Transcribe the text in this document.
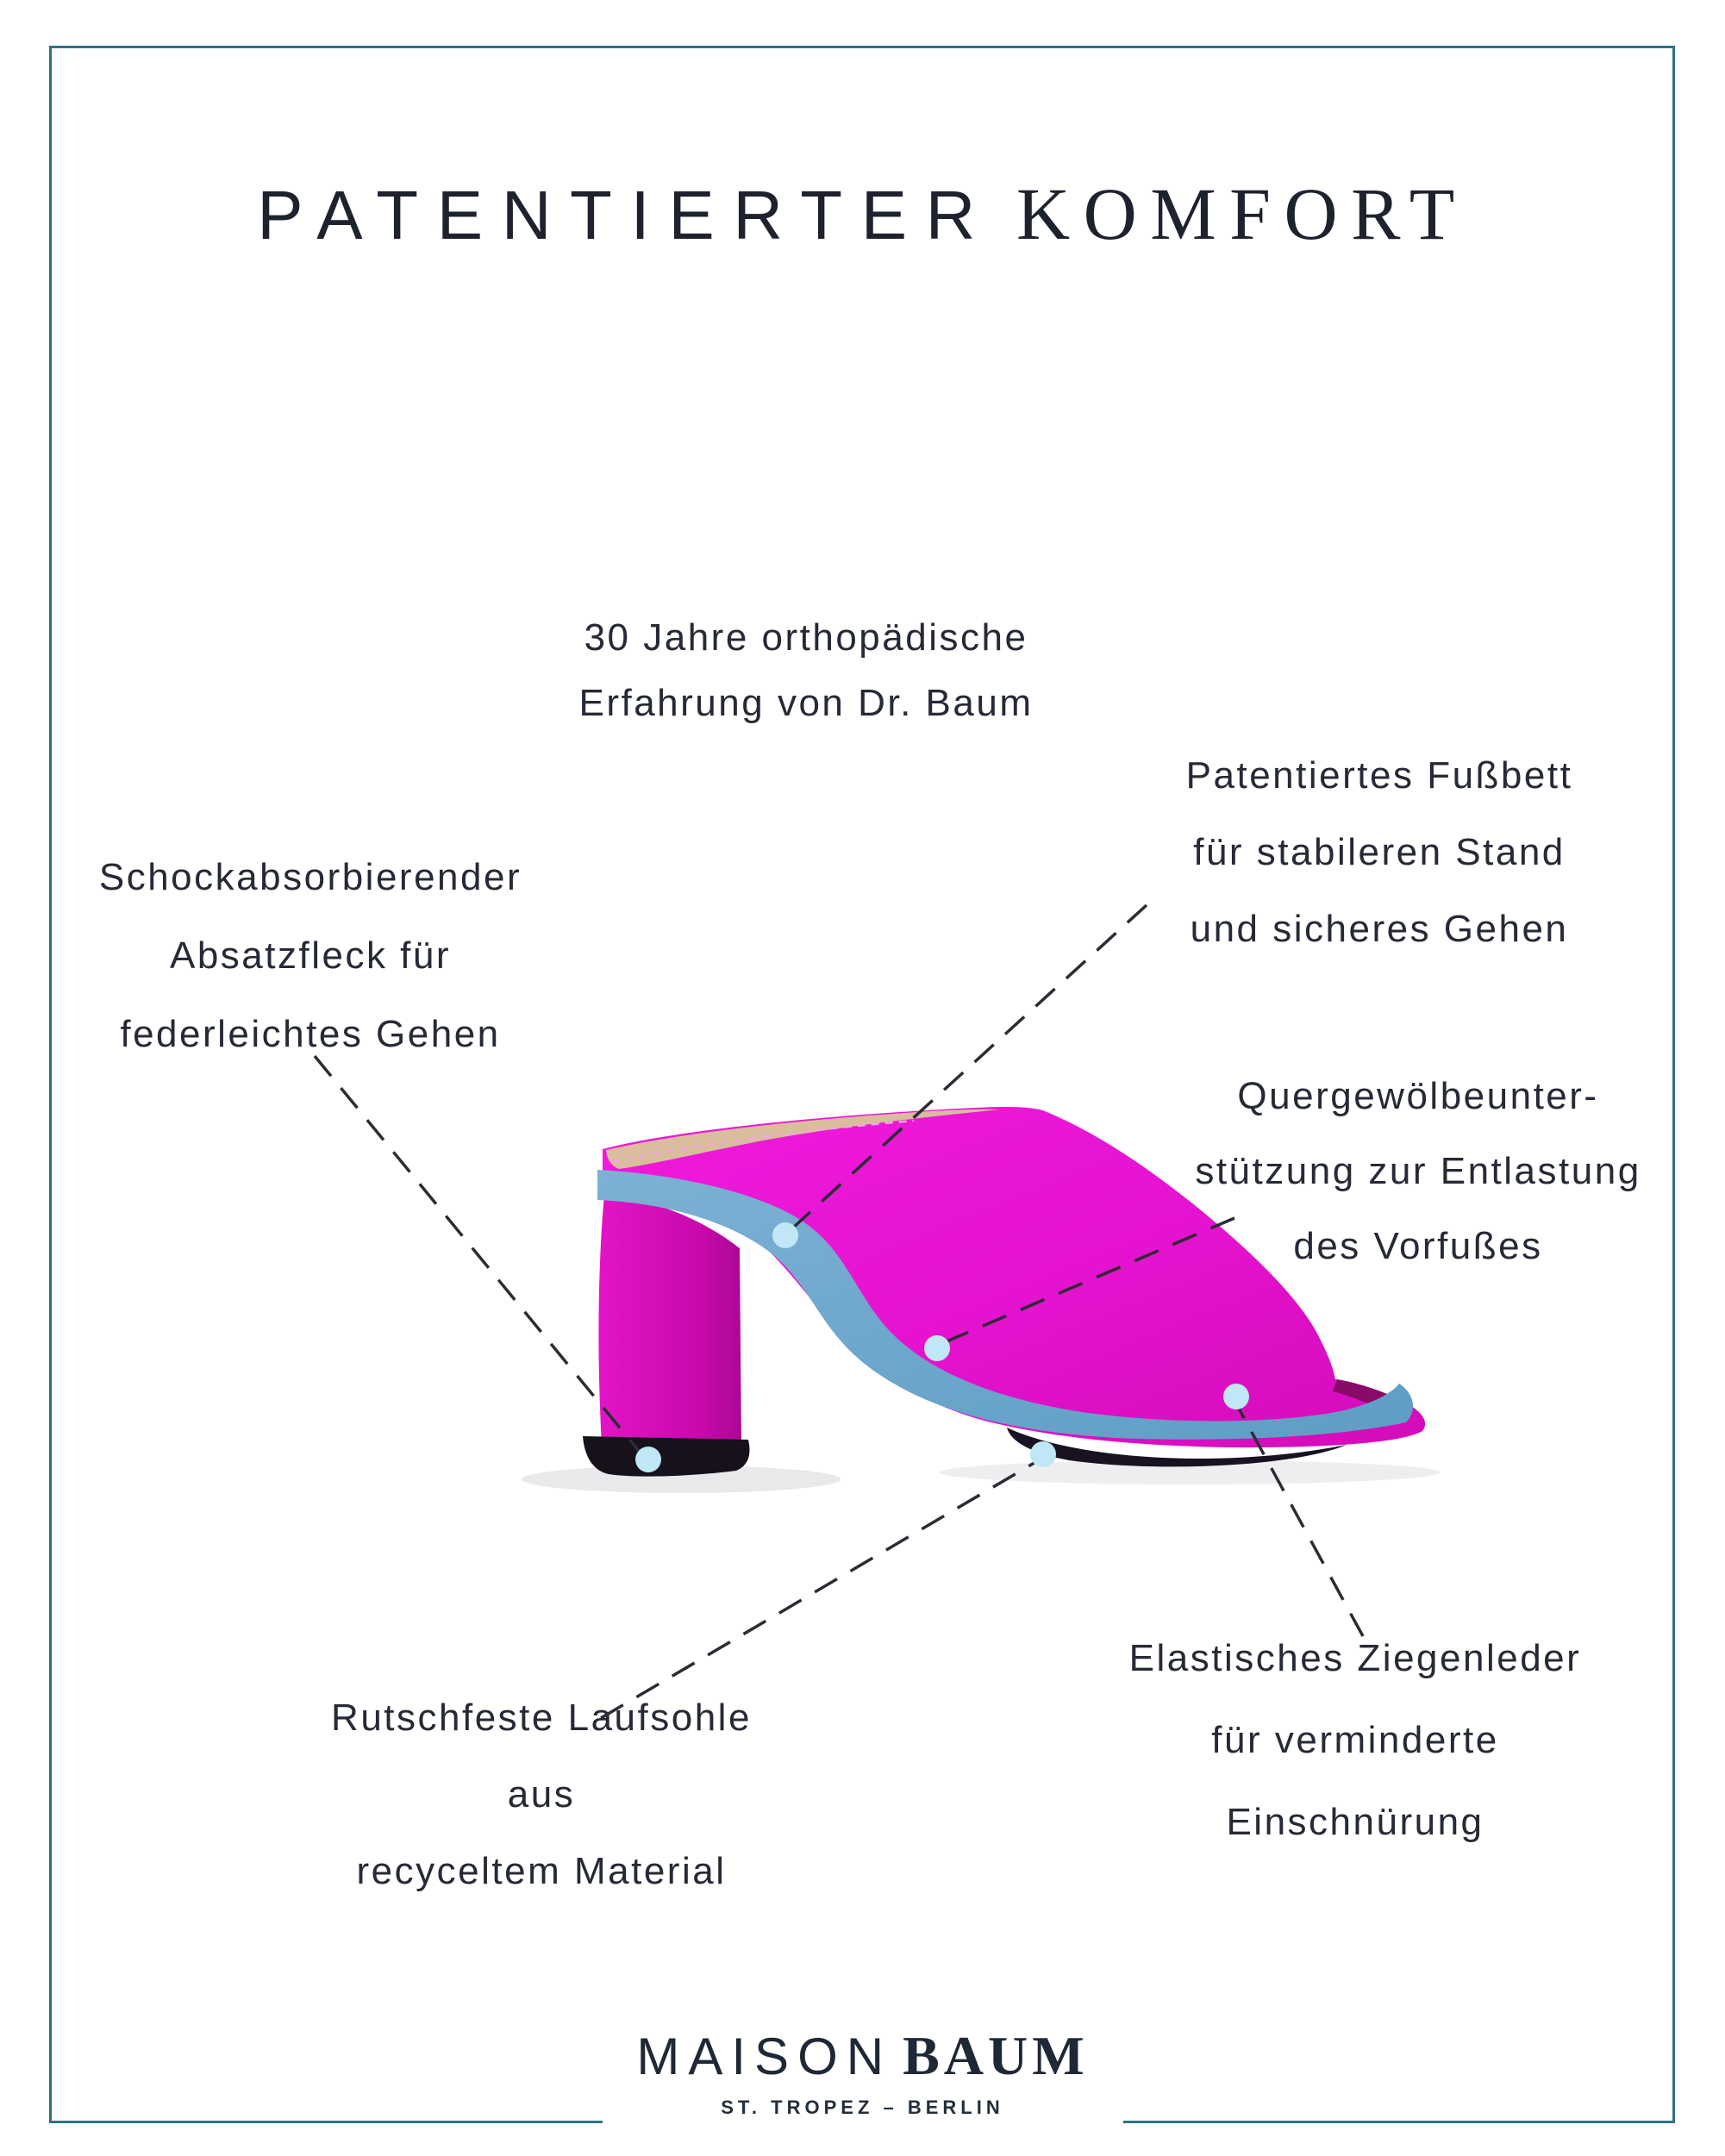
PATENTIERTER KOMFORT
30 Jahre orthopädische
Erfahrung von Dr. Baum
Patentiertes Fußbett
für stabileren Stand
und sicheres Gehen
Schockabsorbierender
Absatzfleck für
federleichtes Gehen
Quergewölbeunter-
stützung zur Entlastung
des Vorfußes
Rutschfeste Laufsohle
aus
recyceltem Material
Elastisches Ziegenleder
für verminderte
Einschnürung
MAISON BAUM
ST. TROPEZ – BERLIN
